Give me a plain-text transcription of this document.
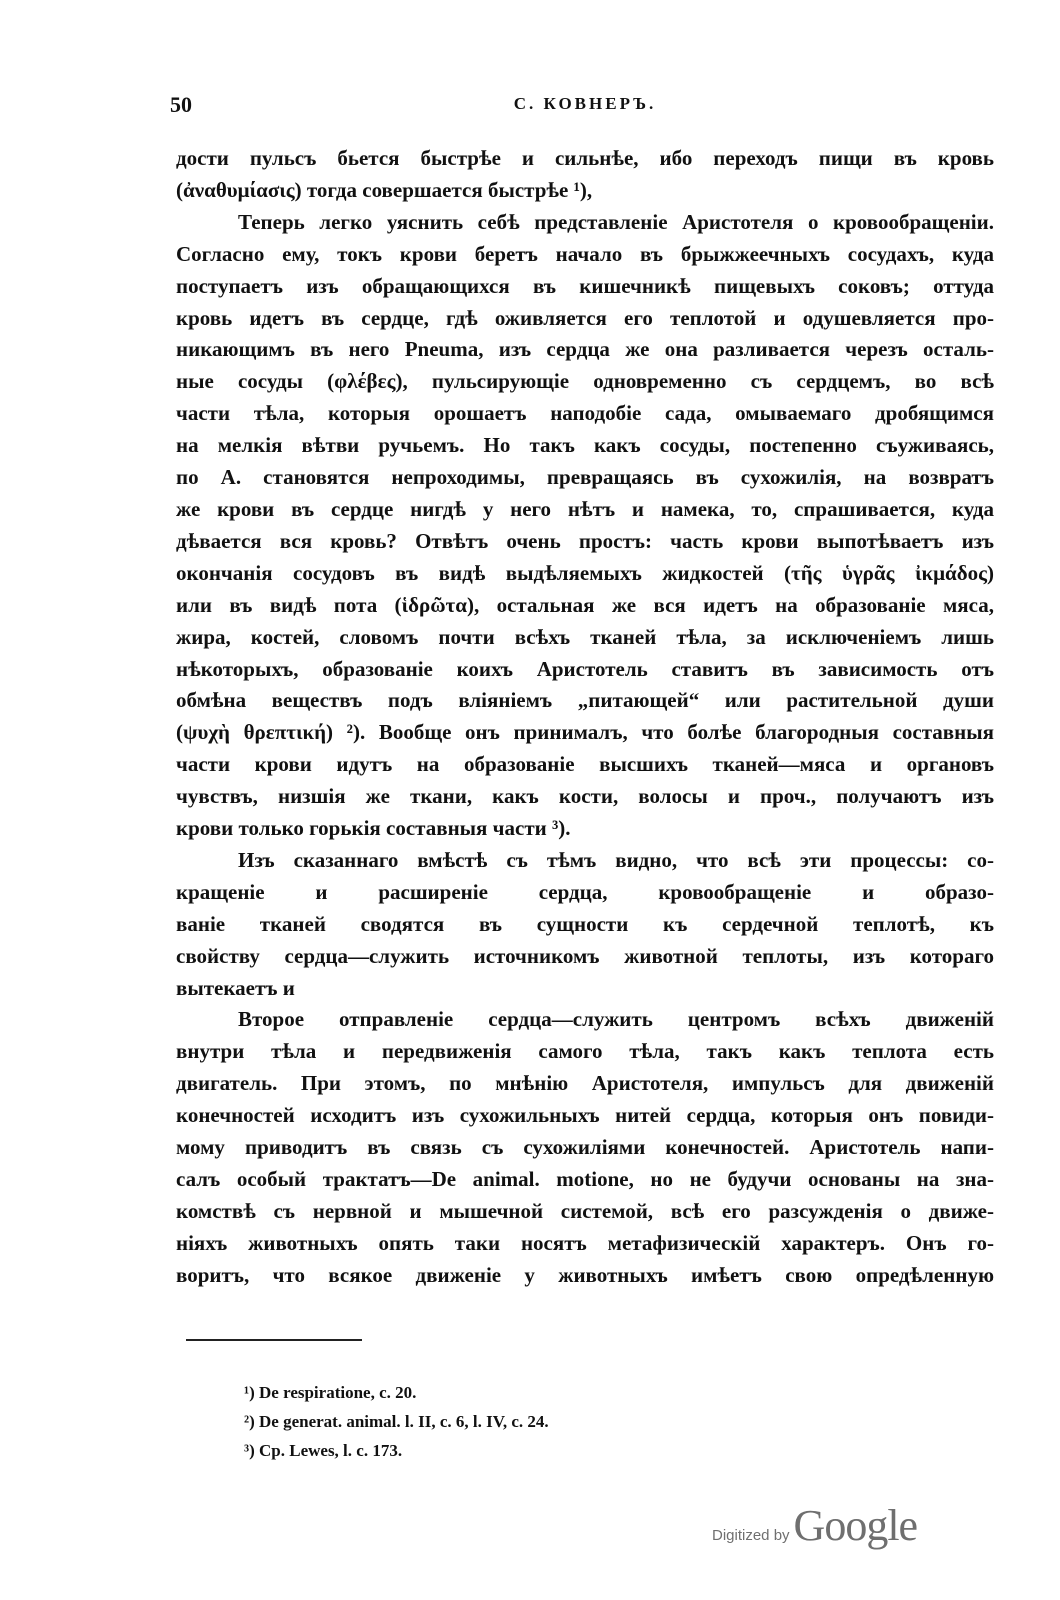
50	С. КОВНЕРЪ.

дости пульсъ бьется быстрѣе и сильнѣе, ибо переходъ пищи въ кровь
(ἀναθυμίασις) тогда совершается быстрѣе ¹),

Теперь легко уяснить себѣ представленіе Аристотеля о кровообращеніи.
Согласно ему, токъ крови беретъ начало въ брыжжеечныхъ сосудахъ, куда
поступаетъ изъ обращающихся въ кишечникѣ пищевыхъ соковъ; оттуда
кровь идетъ въ сердце, гдѣ оживляется его теплотой и одушевляется про-
никающимъ въ него Pneuma, изъ сердца же она разливается черезъ осталь-
ные сосуды (φλέβες), пульсирующіе одновременно съ сердцемъ, во всѣ
части тѣла, которыя орошаетъ наподобіе сада, омываемаго дробящимся
на мелкія вѣтви ручьемъ. Но такъ какъ сосуды, постепенно съуживаясь,
по А. становятся непроходимы, превращаясь въ сухожилія, на возвратъ
же крови въ сердце нигдѣ у него нѣтъ и намека, то, спрашивается, куда
дѣвается вся кровь? Отвѣтъ очень простъ: часть крови выпотѣваетъ изъ
окончанія сосудовъ въ видѣ выдѣляемыхъ жидкостей (τῆς ὑγρᾶς ἰκμάδος)
или въ видѣ пота (ἱδρῶτα), остальная же вся идетъ на образованіе мяса,
жира, костей, словомъ почти всѣхъ тканей тѣла, за исключеніемъ лишь
нѣкоторыхъ, образованіе коихъ Аристотель ставитъ въ зависимость отъ
обмѣна веществъ подъ вліяніемъ „питающей“ или растительной души
(ψυχὴ θρεπτική) ²). Вообще онъ принималъ, что болѣе благородныя составныя
части крови идутъ на образованіе высшихъ тканей—мяса и органовъ
чувствъ, низшія же ткани, какъ кости, волосы и проч., получаютъ изъ
крови только горькія составныя части ³).

Изъ сказаннаго вмѣстѣ съ тѣмъ видно, что всѣ эти процессы: со-
кращеніе и расширеніе сердца, кровообращеніе и образо-
ваніе тканей сводятся въ сущности къ сердечной теплотѣ, къ
свойству сердца—служить источникомъ животной теплоты, изъ котораго
вытекаетъ и

Второе отправленіе сердца—служить центромъ всѣхъ движеній
внутри тѣла и передвиженія самого тѣла, такъ какъ теплота есть
двигатель. При этомъ, по мнѣнію Аристотеля, импульсъ для движеній
конечностей исходитъ изъ сухожильныхъ нитей сердца, которыя онъ повиди-
мому приводитъ въ связь съ сухожиліями конечностей. Аристотель напи-
салъ особый трактатъ—De animal. motione, но не будучи основаны на зна-
комствѣ съ нервной и мышечной системой, всѣ его разсужденія о движе-
ніяхъ животныхъ опять таки носятъ метафизическій характеръ. Онъ го-
воритъ, что всякое движеніе у животныхъ имѣетъ свою опредѣленную

¹) De respiratione, c. 20.
²) De generat. animal. l. II, c. 6, l. IV, c. 24.
³) Cp. Lewes, l. c. 173.
Digitized by Google
